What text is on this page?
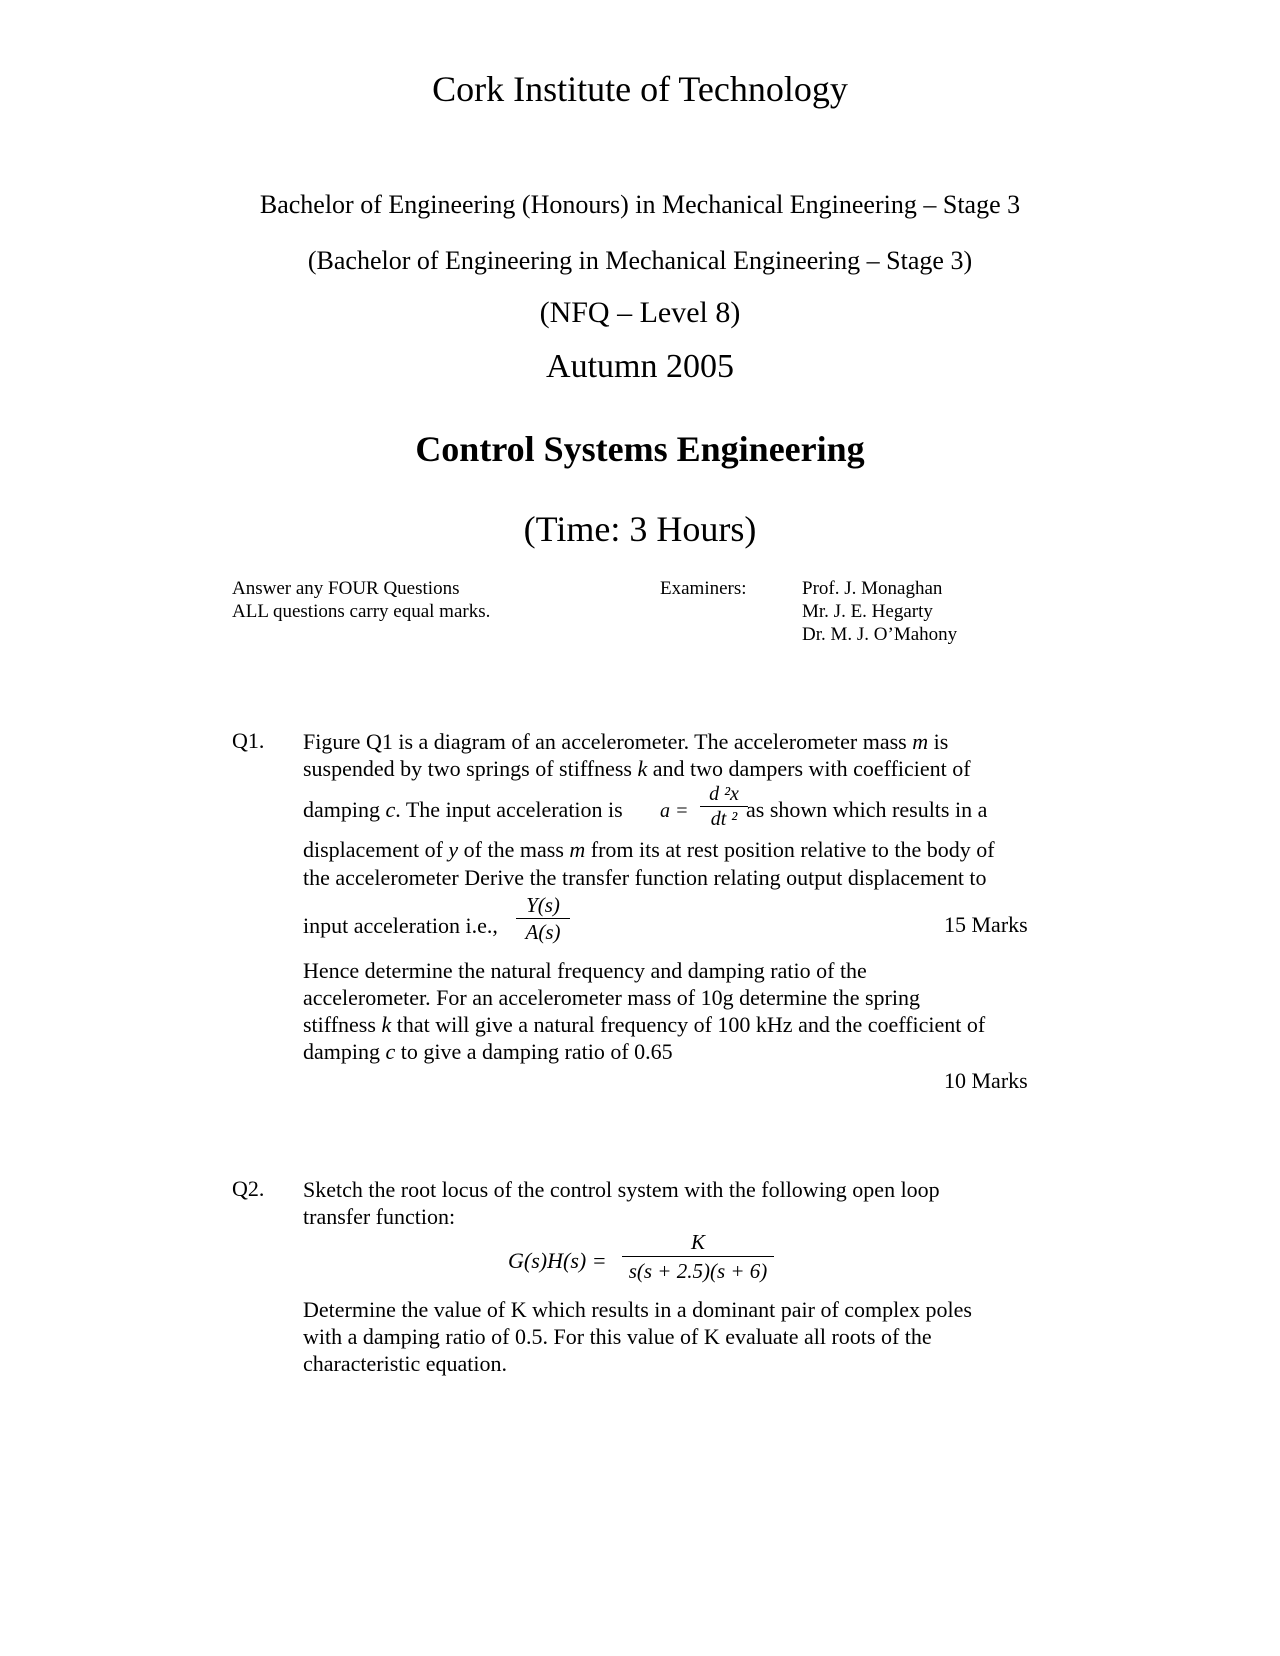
Cork Institute of Technology
Bachelor of Engineering (Honours) in Mechanical Engineering – Stage 3
(Bachelor of Engineering in Mechanical Engineering – Stage 3)
(NFQ – Level 8)
Autumn 2005
Control Systems Engineering
(Time: 3 Hours)
Answer any FOUR Questions
ALL questions carry equal marks.
Examiners:	Prof. J. Monaghan
Mr. J. E. Hegarty
Dr. M. J. O’Mahony
Q1. Figure Q1 is a diagram of an accelerometer. The accelerometer mass m is
suspended by two springs of stiffness k and two dampers with coefficient of
damping c. The input acceleration is a =
d ²x
dt ² as shown which results in a
displacement of y of the mass m from its at rest position relative to the body of
the accelerometer Derive the transfer function relating output displacement to
input acceleration i.e.,
Y(s)
A(s)	15 Marks
Hence determine the natural frequency and damping ratio of the
accelerometer. For an accelerometer mass of 10g determine the spring
stiffness k that will give a natural frequency of 100 kHz and the coefficient of
damping c to give a damping ratio of 0.65
10 Marks
Q2. Sketch the root locus of the control system with the following open loop
transfer function:
G(s)H(s) =
K
s(s + 2.5)(s + 6)
Determine the value of K which results in a dominant pair of complex poles
with a damping ratio of 0.5. For this value of K evaluate all roots of the
characteristic equation.
